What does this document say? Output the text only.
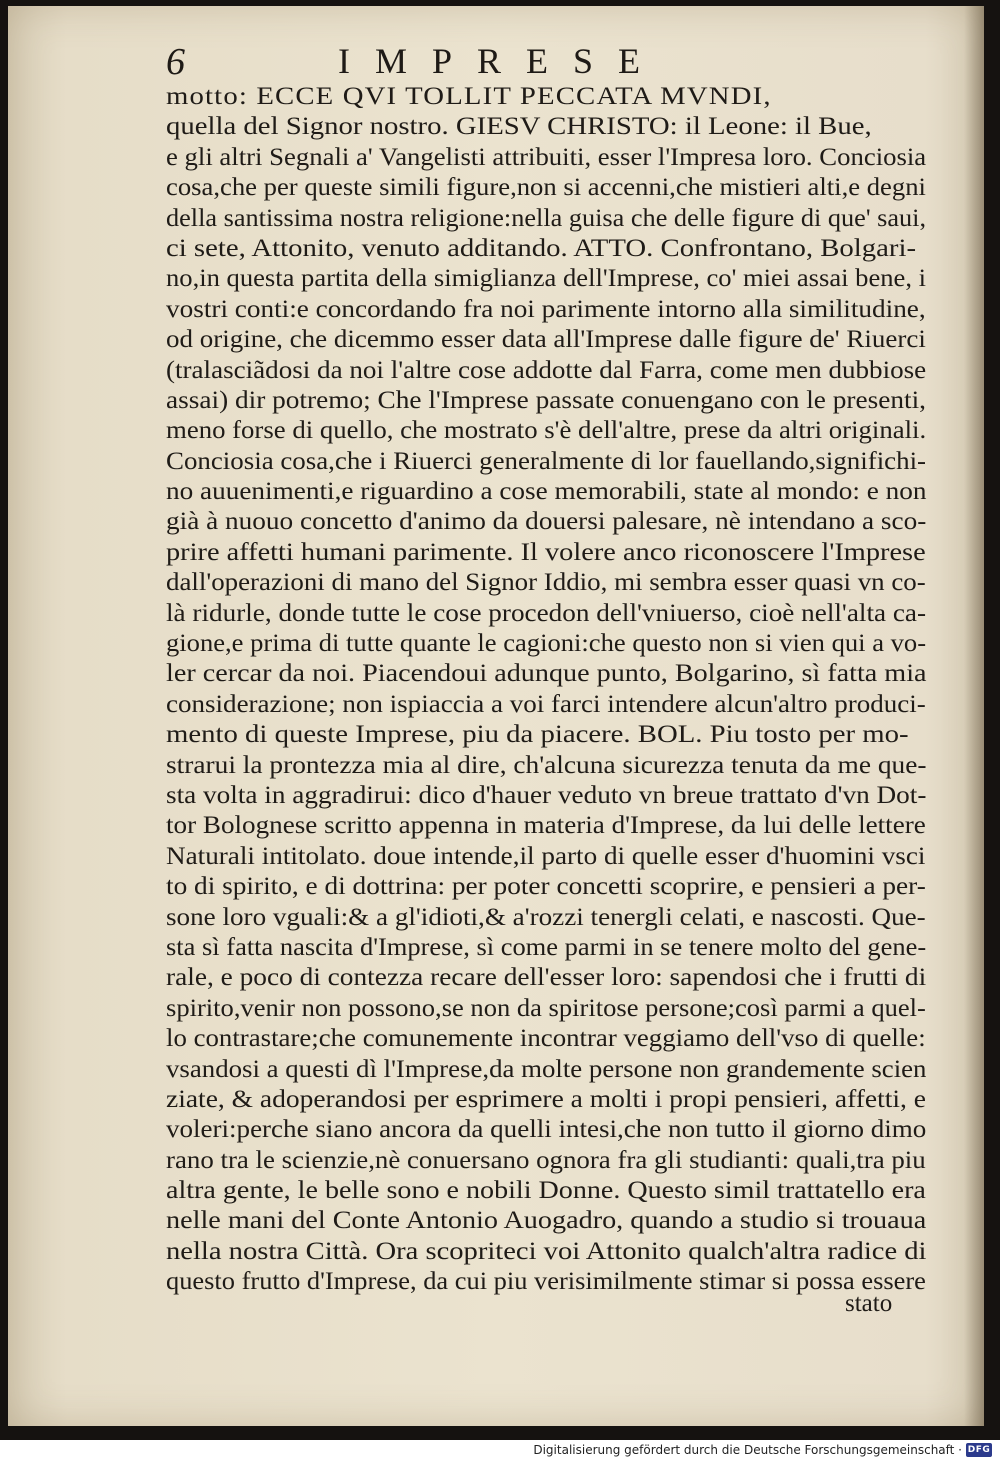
6	IMPRESE
motto: ECCE QVI TOLLIT PECCATA MVNDI,
quella del Signor nostro. GIESV CHRISTO: il Leone: il Bue,
e gli altri Segnali a' Vangelisti attribuiti, esser l'Impresa loro. Conciosia
cosa,che per queste simili figure,non si accenni,che mistieri alti,e degni
della santissima nostra religione:nella guisa che delle figure di que' saui,
ci sete, Attonito, venuto additando. ATTO. Confrontano, Bolgari-
no,in questa partita della simiglianza dell'Imprese, co' miei assai bene, i
vostri conti:e concordando fra noi parimente intorno alla similitudine,
od origine, che dicemmo esser data all'Imprese dalle figure de' Riuerci
(tralasciãdosi da noi l'altre cose addotte dal Farra, come men dubbiose
assai) dir potremo; Che l'Imprese passate conuengano con le presenti,
meno forse di quello, che mostrato s'è dell'altre, prese da altri originali.
Conciosia cosa,che i Riuerci generalmente di lor fauellando,significhi-
no auuenimenti,e riguardino a cose memorabili, state al mondo: e non
già à nuouo concetto d'animo da douersi palesare, nè intendano a sco-
prire affetti humani parimente. Il volere anco riconoscere l'Imprese
dall'operazioni di mano del Signor Iddio, mi sembra esser quasi vn co-
là ridurle, donde tutte le cose procedon dell'vniuerso, cioè nell'alta ca-
gione,e prima di tutte quante le cagioni:che questo non si vien qui a vo-
ler cercar da noi. Piacendoui adunque punto, Bolgarino, sì fatta mia
considerazione; non ispiaccia a voi farci intendere alcun'altro produci-
mento di queste Imprese, piu da piacere. BOL. Piu tosto per mo-
strarui la prontezza mia al dire, ch'alcuna sicurezza tenuta da me que-
sta volta in aggradirui: dico d'hauer veduto vn breue trattato d'vn Dot-
tor Bolognese scritto appenna in materia d'Imprese, da lui delle lettere
Naturali intitolato. doue intende,il parto di quelle esser d'huomini vsci
to di spirito, e di dottrina: per poter concetti scoprire, e pensieri a per-
sone loro vguali:& a gl'idioti,& a'rozzi tenergli celati, e nascosti. Que-
sta sì fatta nascita d'Imprese, sì come parmi in se tenere molto del gene-
rale, e poco di contezza recare dell'esser loro: sapendosi che i frutti di
spirito,venir non possono,se non da spiritose persone;così parmi a quel-
lo contrastare;che comunemente incontrar veggiamo dell'vso di quelle:
vsandosi a questi dì l'Imprese,da molte persone non grandemente scien
ziate, & adoperandosi per esprimere a molti i propi pensieri, affetti, e
voleri:perche siano ancora da quelli intesi,che non tutto il giorno dimo
rano tra le scienzie,nè conuersano ognora fra gli studianti: quali,tra piu
altra gente, le belle sono e nobili Donne. Questo simil trattatello era
nelle mani del Conte Antonio Auogadro, quando a studio si trouaua
nella nostra Città. Ora scopriteci voi Attonito qualch'altra radice di
questo frutto d'Imprese, da cui piu verisimilmente stimar si possa essere
stato
Digitalisierung gefördert durch die Deutsche Forschungsgemeinschaft · DFG
